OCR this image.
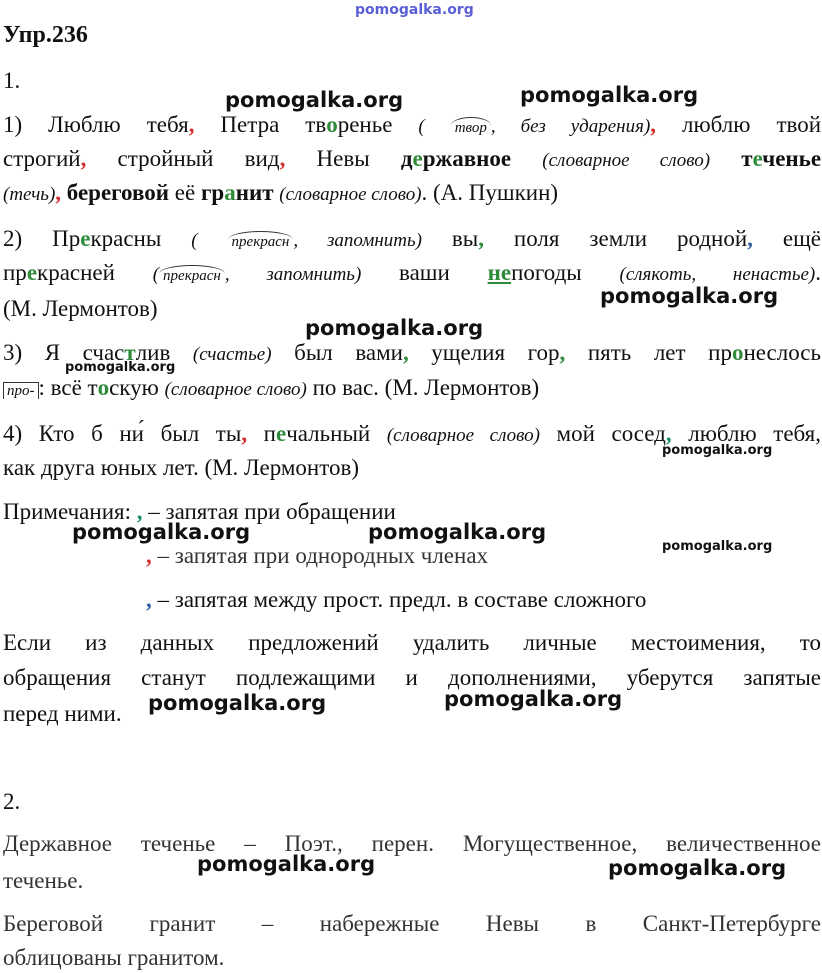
pomogalka.org
Упр.236
1.
1) Люблю тебя, Петра творенье ( твор , без ударения), люблю твой
строгий, стройный вид, Невы державное (словарное слово) теченье
(течь), береговой её гранит (словарное слово). (А. Пушкин)
2) Прекрасны ( прекрасн , запомнить) вы, поля земли родной, ещё
прекрасней ( прекрасн , запомнить) ваши непогоды (слякоть, ненастье).
(М. Лермонтов)
3) Я счастлив (счастье) был вами, ущелия гор, пять лет пронеслось
про- : всё тоскую (словарное слово) по вас. (М. Лермонтов)
4) Кто б ни́ был ты, печальный (словарное слово) мой сосед, люблю тебя,
как друга юных лет. (М. Лермонтов)
Примечания: , – запятая при обращении
, – запятая при однородных членах
, – запятая между прост. предл. в составе сложного
Если из данных предложений удалить личные местоимения, то
обращения станут подлежащими и дополнениями, уберутся запятые
перед ними.
2.
Державное теченье – Поэт., перен. Могущественное, величественное
теченье.
Береговой гранит – набережные Невы в Санкт-Петербурге
облицованы гранитом.
pomogalka.org	pomogalka.org
pomogalka.org
pomogalka.org
pomogalka.org
pomogalka.org
pomogalka.org	pomogalka.org
pomogalka.org
pomogalka.org	pomogalka.org
pomogalka.org	pomogalka.org
